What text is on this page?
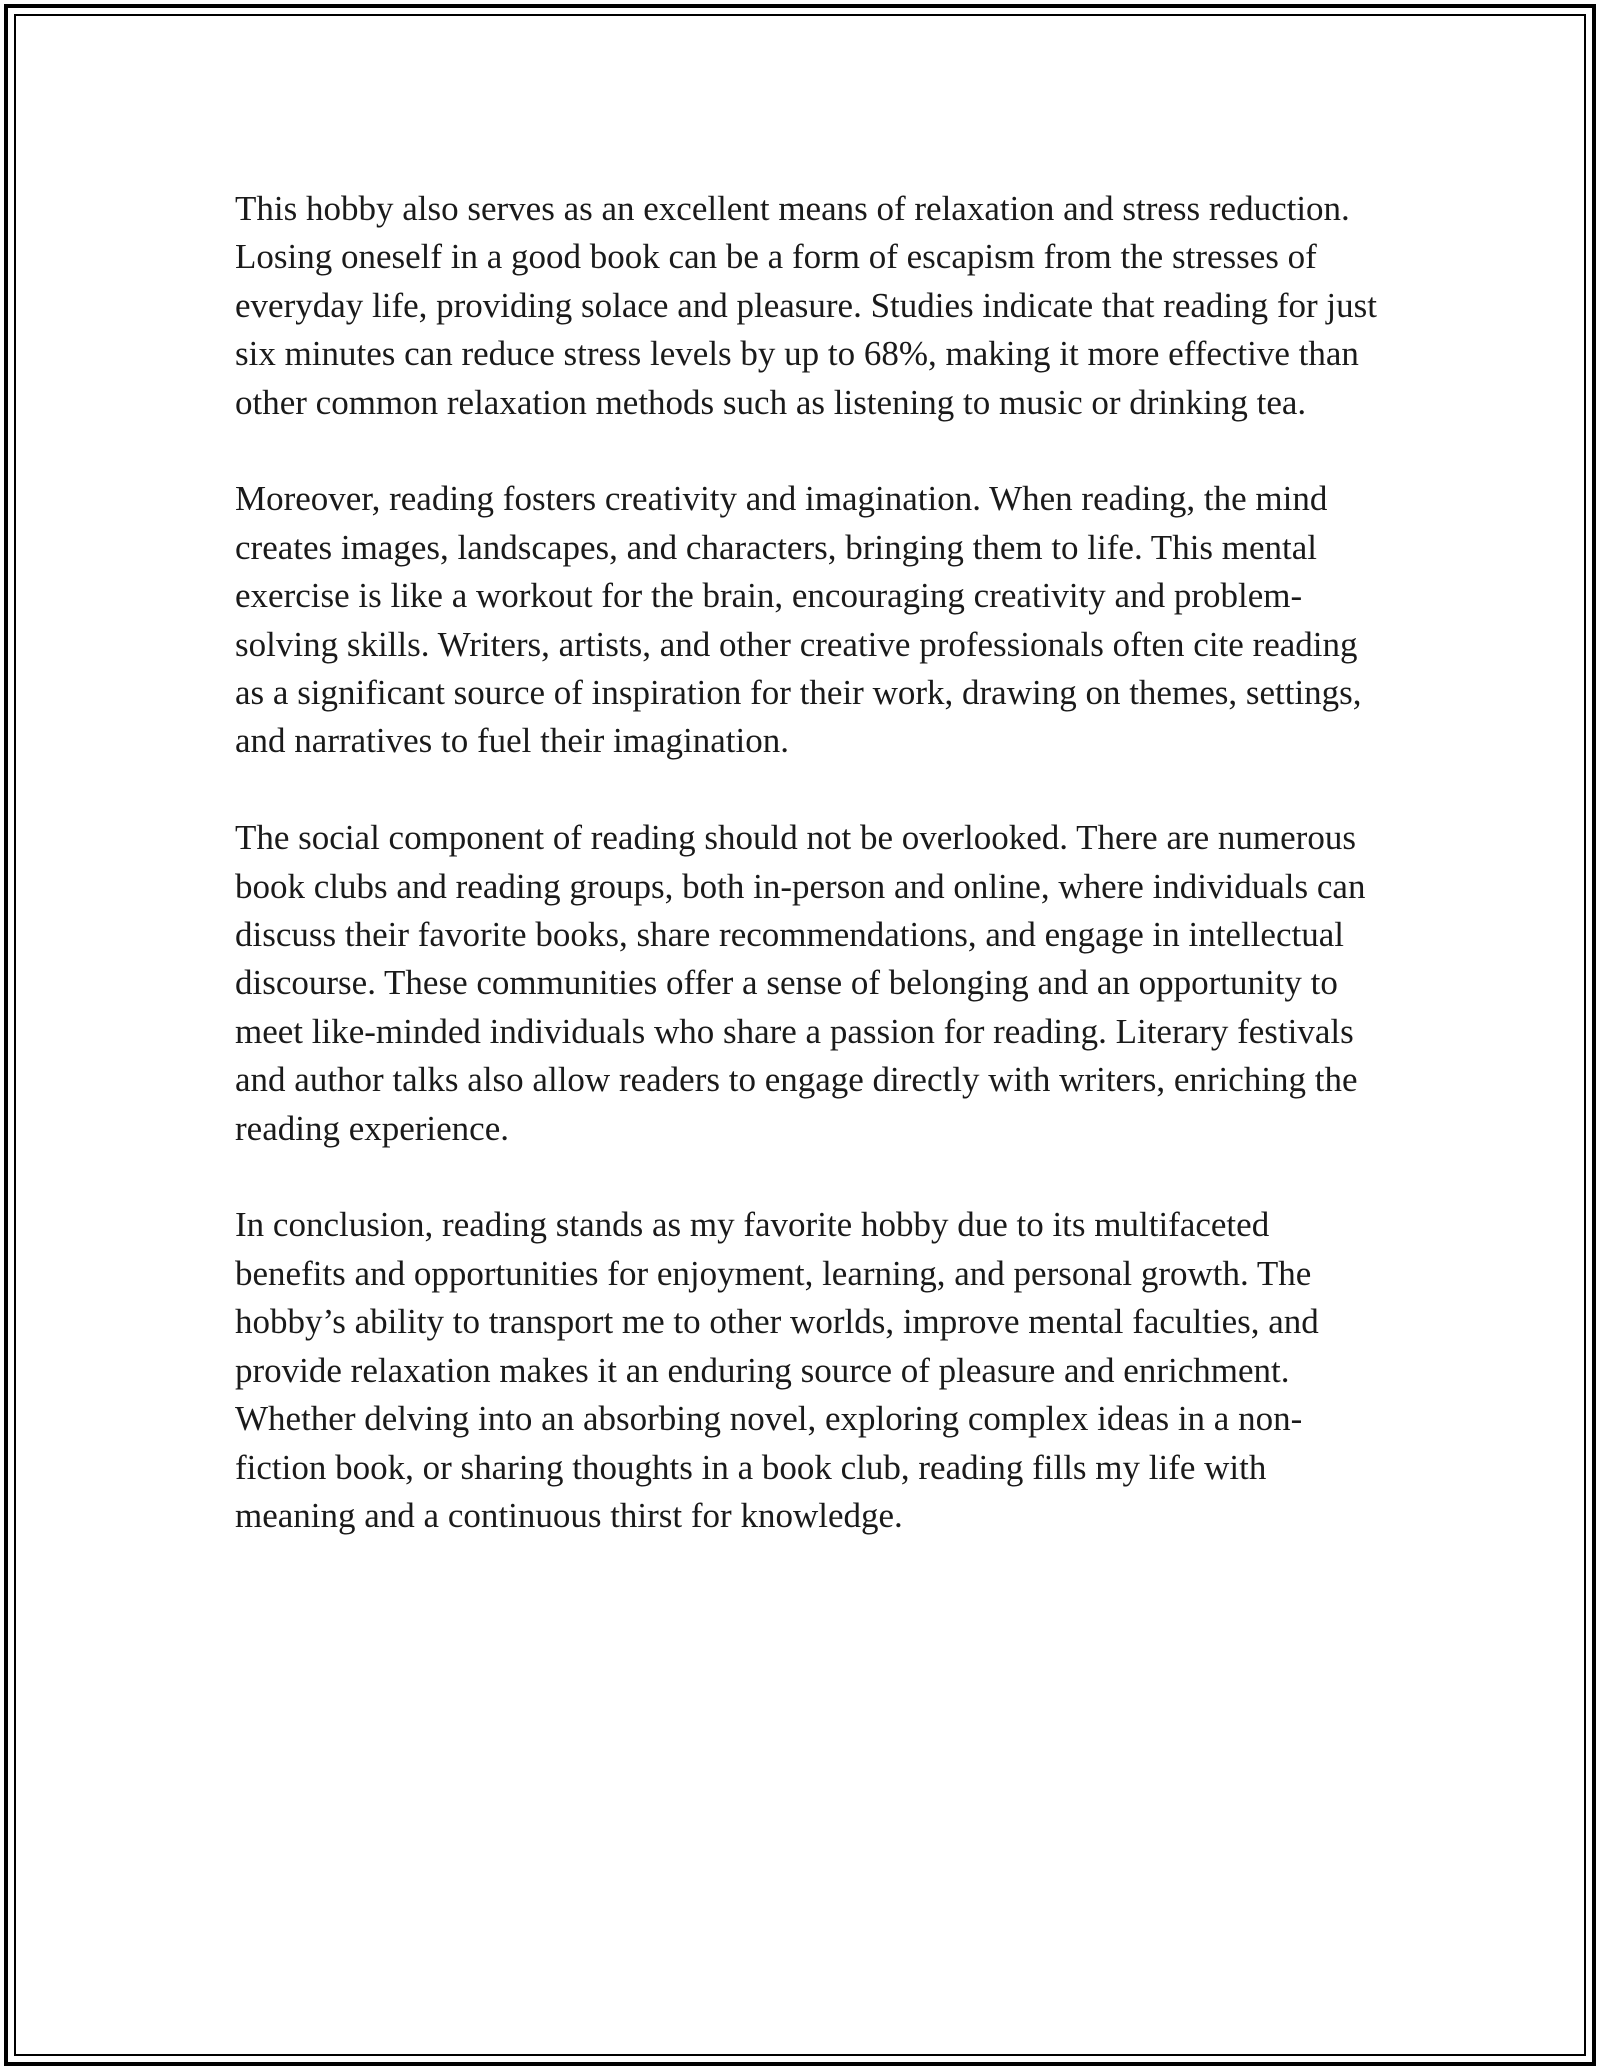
This hobby also serves as an excellent means of relaxation and stress reduction. Losing oneself in a good book can be a form of escapism from the stresses of everyday life, providing solace and pleasure. Studies indicate that reading for just six minutes can reduce stress levels by up to 68%, making it more effective than other common relaxation methods such as listening to music or drinking tea.

Moreover, reading fosters creativity and imagination. When reading, the mind creates images, landscapes, and characters, bringing them to life. This mental exercise is like a workout for the brain, encouraging creativity and problem-solving skills. Writers, artists, and other creative professionals often cite reading as a significant source of inspiration for their work, drawing on themes, settings, and narratives to fuel their imagination.

The social component of reading should not be overlooked. There are numerous book clubs and reading groups, both in-person and online, where individuals can discuss their favorite books, share recommendations, and engage in intellectual discourse. These communities offer a sense of belonging and an opportunity to meet like-minded individuals who share a passion for reading. Literary festivals and author talks also allow readers to engage directly with writers, enriching the reading experience.

In conclusion, reading stands as my favorite hobby due to its multifaceted benefits and opportunities for enjoyment, learning, and personal growth. The hobby’s ability to transport me to other worlds, improve mental faculties, and provide relaxation makes it an enduring source of pleasure and enrichment. Whether delving into an absorbing novel, exploring complex ideas in a non-fiction book, or sharing thoughts in a book club, reading fills my life with meaning and a continuous thirst for knowledge.
